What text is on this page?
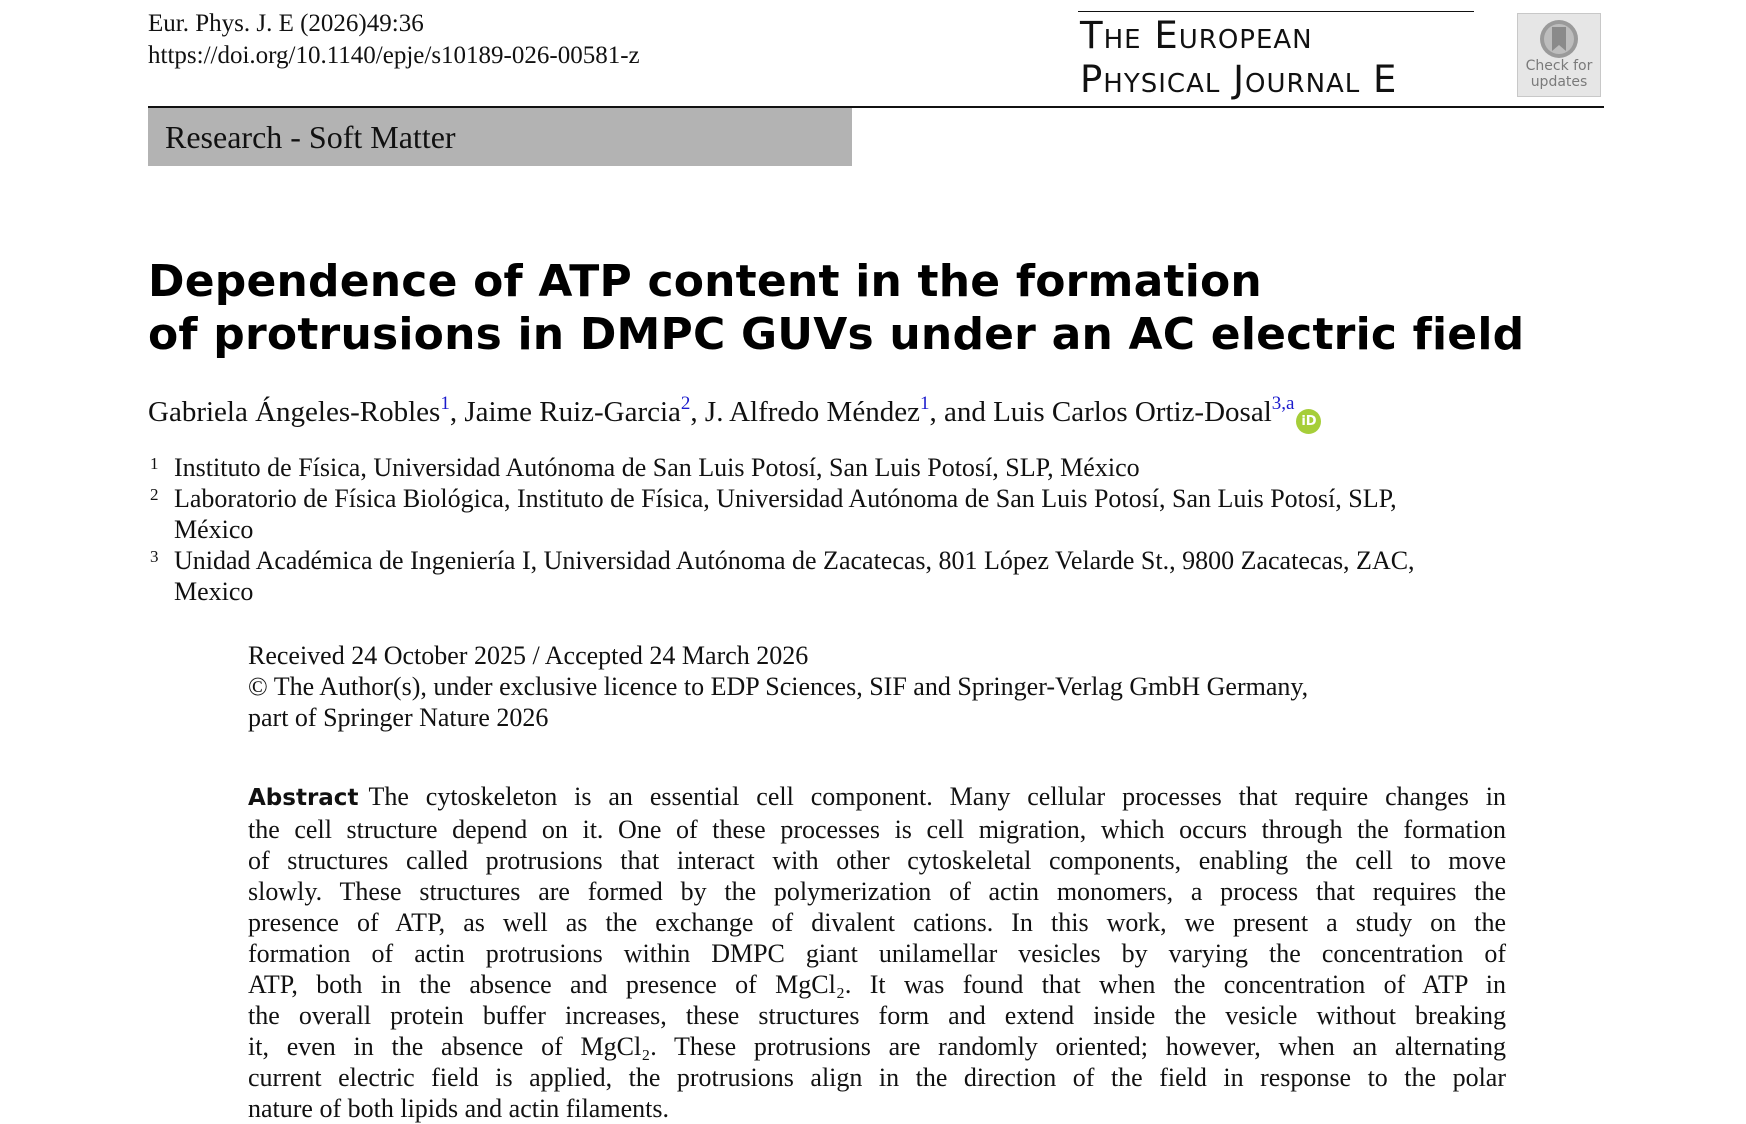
Eur. Phys. J. E (2026)49:36
https://doi.org/10.1140/epje/s10189-026-00581-z	The European
Physical Journal E	Check for
updates
Research - Soft Matter
Dependence of ATP content in the formation
of protrusions in DMPC GUVs under an AC electric field
Gabriela Ángeles-Robles$^1$, Jaime Ruiz-Garcia$^2$, J. Alfredo Méndez$^1$, and Luis Carlos Ortiz-Dosal$^{3,a}$iD
1 Instituto de Física, Universidad Autónoma de San Luis Potosí, San Luis Potosí, SLP, México
2 Laboratorio de Física Biológica, Instituto de Física, Universidad Autónoma de San Luis Potosí, San Luis Potosí, SLP,
México
3 Unidad Académica de Ingeniería I, Universidad Autónoma de Zacatecas, 801 López Velarde St., 9800 Zacatecas, ZAC,
Mexico
Received 24 October 2025 / Accepted 24 March 2026
© The Author(s), under exclusive licence to EDP Sciences, SIF and Springer-Verlag GmbH Germany,
part of Springer Nature 2026
Abstract The cytoskeleton is an essential cell component. Many cellular processes that require changes in
the cell structure depend on it. One of these processes is cell migration, which occurs through the formation
of structures called protrusions that interact with other cytoskeletal components, enabling the cell to move
slowly. These structures are formed by the polymerization of actin monomers, a process that requires the
presence of ATP, as well as the exchange of divalent cations. In this work, we present a study on the
formation of actin protrusions within DMPC giant unilamellar vesicles by varying the concentration of
ATP, both in the absence and presence of MgCl₂. It was found that when the concentration of ATP in
the overall protein buffer increases, these structures form and extend inside the vesicle without breaking
it, even in the absence of MgCl₂. These protrusions are randomly oriented; however, when an alternating
current electric field is applied, the protrusions align in the direction of the field in response to the polar
nature of both lipids and actin filaments.
